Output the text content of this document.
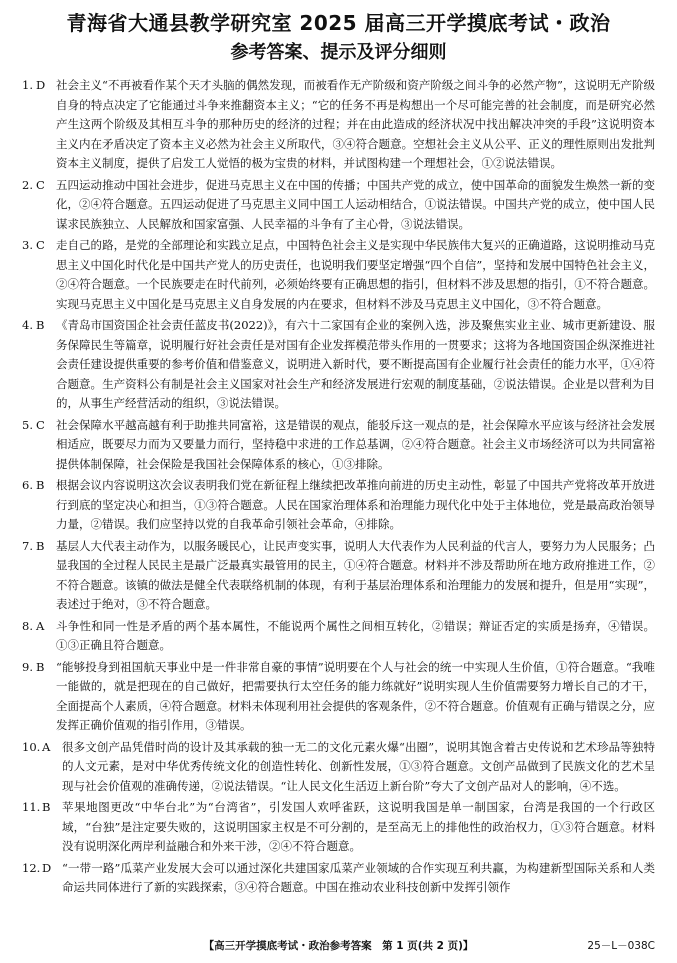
青海省大通县教学研究室 2025 届高三开学摸底考试・政治
参考答案、提示及评分细则
1. D 社会主义“不再被看作某个天才头脑的偶然发现，而被看作无产阶级和资产阶级之间斗争的必然产物”，这说明无产阶级自身的特点决定了它能通过斗争来推翻资本主义；“它的任务不再是构想出一个尽可能完善的社会制度，而是研究必然产生这两个阶级及其相互斗争的那种历史的经济的过程；并在由此造成的经济状况中找出解决冲突的手段”这说明资本主义内在矛盾决定了资本主义必然为社会主义所取代，③④符合题意。空想社会主义从公平、正义的理性原则出发批判资本主义制度，提供了启发工人觉悟的极为宝贵的材料，并试图构建一个理想社会，①②说法错误。
2. C 五四运动推动中国社会进步，促进马克思主义在中国的传播；中国共产党的成立，使中国革命的面貌发生焕然一新的变化，②④符合题意。五四运动促进了马克思主义同中国工人运动相结合，①说法错误。中国共产党的成立，使中国人民谋求民族独立、人民解放和国家富强、人民幸福的斗争有了主心骨，③说法错误。
3. C 走自己的路，是党的全部理论和实践立足点，中国特色社会主义是实现中华民族伟大复兴的正确道路，这说明推动马克思主义中国化时代化是中国共产党人的历史责任，也说明我们要坚定增强“四个自信”，坚持和发展中国特色社会主义，②④符合题意。一个民族要走在时代前列，必须始终要有正确思想的指引，但材料不涉及思想的指引，①不符合题意。实现马克思主义中国化是马克思主义自身发展的内在要求，但材料不涉及马克思主义中国化，③不符合题意。
4. B	《青岛市国资国企社会责任蓝皮书(2022)》，有六十二家国有企业的案例入选，涉及聚焦实业主业、城市更新建设、服务保障民生等篇章，说明履行好社会责任是对国有企业发挥模范带头作用的一贯要求；这将为各地国资国企纵深推进社会责任建设提供重要的参考价值和借鉴意义，说明进入新时代，要不断提高国有企业履行社会责任的能力水平，①④符合题意。生产资料公有制是社会主义国家对社会生产和经济发展进行宏观的制度基础，②说法错误。企业是以营利为目的，从事生产经营活动的组织，③说法错误。
5. C 社会保障水平越高越有利于助推共同富裕，这是错误的观点，能驳斥这一观点的是，社会保障水平应该与经济社会发展相适应，既要尽力而为又要量力而行，坚持稳中求进的工作总基调，②④符合题意。社会主义市场经济可以为共同富裕提供体制保障，社会保险是我国社会保障体系的核心，①③排除。
6. B	根据会议内容说明这次会议表明我们党在新征程上继续把改革推向前进的历史主动性，彰显了中国共产党将改革开放进行到底的坚定决心和担当，①③符合题意。人民在国家治理体系和治理能力现代化中处于主体地位，党是最高政治领导力量，②错误。我们应坚持以党的自我革命引领社会革命，④排除。
7. B	基层人大代表主动作为，以服务暖民心，让民声变实事，说明人大代表作为人民利益的代言人，要努力为人民服务；凸显我国的全过程人民民主是最广泛最真实最管用的民主，①④符合题意。材料并不涉及帮助所在地方政府推进工作，②不符合题意。该镇的做法是健全代表联络机制的体现，有利于基层治理体系和治理能力的发展和提升，但是用“实现”，表述过于绝对，③不符合题意。
8. A	斗争性和同一性是矛盾的两个基本属性，不能说两个属性之间相互转化，②错误；辩证否定的实质是扬弃，④错误。①③正确且符合题意。
9. B	“能够投身到祖国航天事业中是一件非常自豪的事情”说明要在个人与社会的统一中实现人生价值，①符合题意。“我唯一能做的，就是把现在的自己做好，把需要执行太空任务的能力练就好”说明实现人生价值需要努力增长自己的才干，全面提高个人素质，④符合题意。材料未体现利用社会提供的客观条件，②不符合题意。价值观有正确与错误之分，应发挥正确价值观的指引作用，③错误。
10. A	很多文创产品凭借时尚的设计及其承载的独一无二的文化元素火爆“出圈”，说明其饱含着古史传说和艺术珍品等独特的人文元素，是对中华优秀传统文化的创造性转化、创新性发展，①③符合题意。文创产品做到了民族文化的艺术呈现与社会价值观的准确传递，②说法错误。“让人民文化生活迈上新台阶”夸大了文创产品对人的影响，④不选。
11. B	苹果地图更改“中华台北”为“台湾省”，引发国人欢呼雀跃，这说明我国是单一制国家，台湾是我国的一个行政区域，“台独”是注定要失败的，这说明国家主权是不可分割的，是至高无上的排他性的政治权力，①③符合题意。材料没有说明深化两岸利益融合和外来干涉，②④不符合题意。
12. D “一带一路”瓜菜产业发展大会可以通过深化共建国家瓜菜产业领域的合作实现互利共赢，为构建新型国际关系和人类命运共同体进行了新的实践探索，③④符合题意。中国在推动农业科技创新中发挥引领作
【高三开学摸底考试・政治参考答案　第 1 页(共 2 页)】	25－L－038C
